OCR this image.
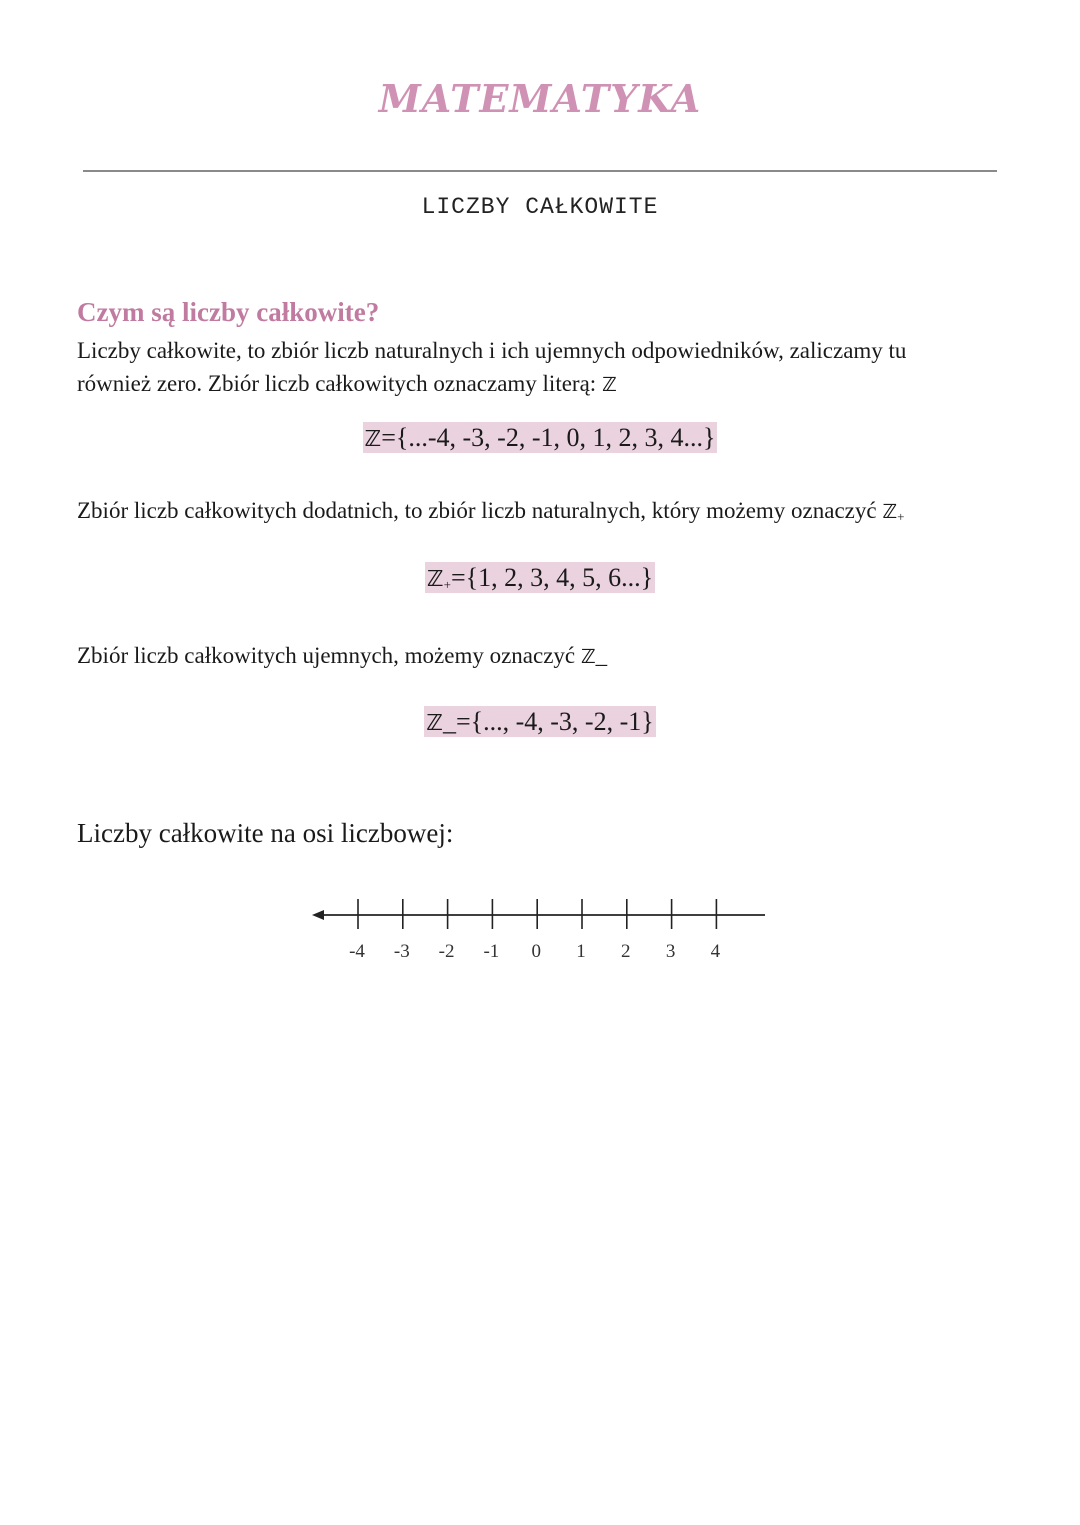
MATEMATYKA
LICZBY CAŁKOWITE
Czym są liczby całkowite?
Liczby całkowite, to zbiór liczb naturalnych i ich ujemnych odpowiedników, zaliczamy tu
również zero. Zbiór liczb całkowitych oznaczamy literą: ℤ
ℤ={...-4, -3, -2, -1, 0, 1, 2, 3, 4...}
Zbiór liczb całkowitych dodatnich, to zbiór liczb naturalnych, który możemy oznaczyć ℤ$_+$
ℤ$_+$={1, 2, 3, 4, 5, 6...}
Zbiór liczb całkowitych ujemnych, możemy oznaczyć ℤ_
ℤ_={..., -4, -3, -2, -1}
Liczby całkowite na osi liczbowej:
-4 -3 -2 -1 0 1 2 3 4
